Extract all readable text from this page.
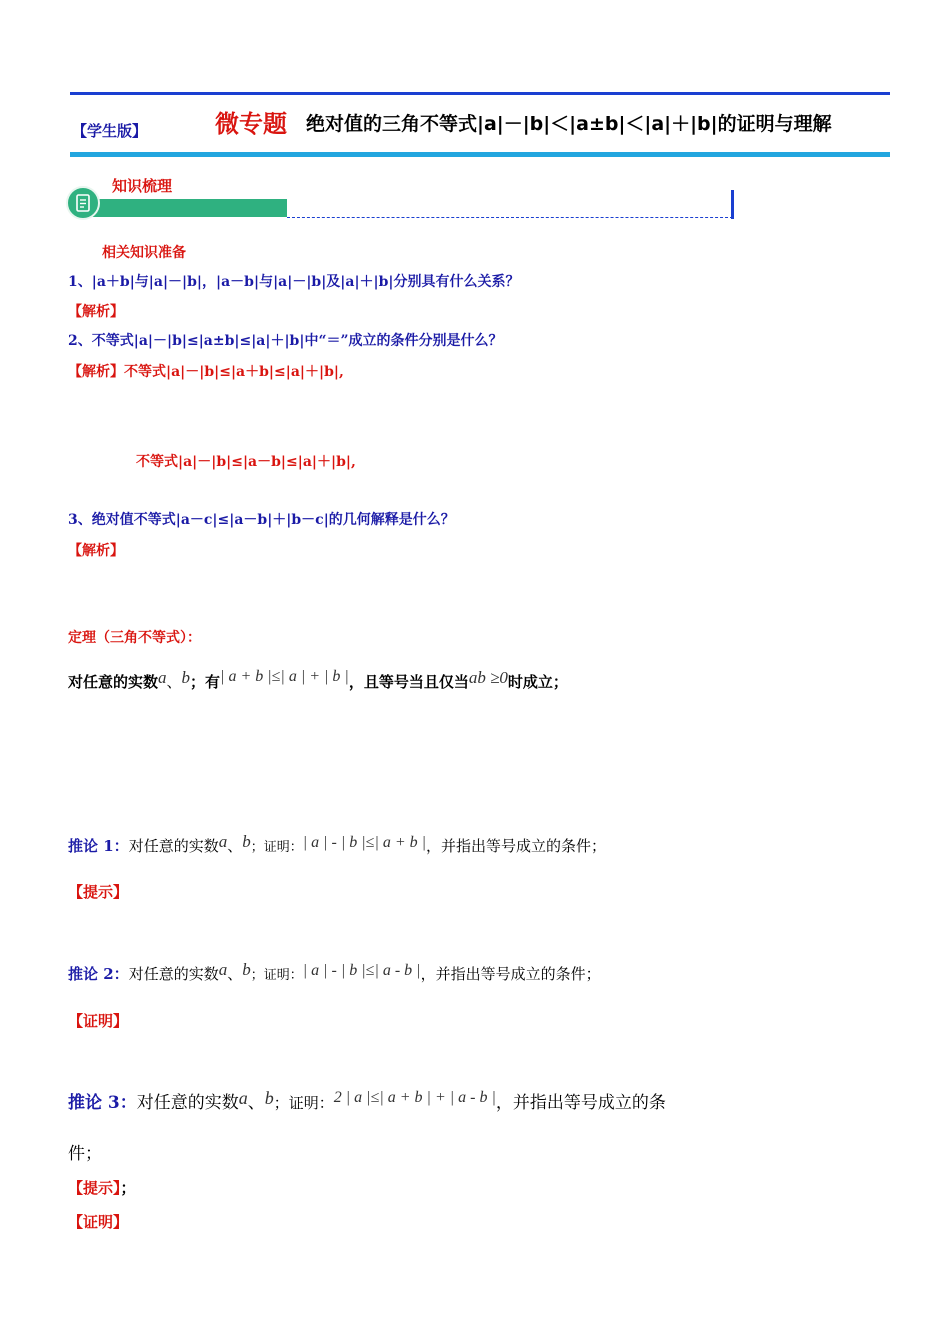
【学生版】	微专题 绝对值的三角不等式|a|－|b|＜|a±b|＜|a|＋|b|的证明与理解
知识梳理
相关知识准备
1、|a＋b|与|a|－|b|，|a－b|与|a|－|b|及|a|＋|b|分别具有什么关系？
【解析】
2、不等式|a|－|b|≤|a±b|≤|a|＋|b|中“＝”成立的条件分别是什么？
【解析】不等式|a|－|b|≤|a＋b|≤|a|＋|b|,
不等式|a|－|b|≤|a－b|≤|a|＋|b|,
3、绝对值不等式|a－c|≤|a－b|＋|b－c|的几何解释是什么？
【解析】
定理（三角不等式）：
对任意的实数a、b；有| a + b |≤| a | + | b |，且等号当且仅当ab ≥0时成立；
推论 1：对任意的实数a、b；证明：| a | - | b |≤| a + b |，并指出等号成立的条件；
【提示】
推论 2：对任意的实数a、b；证明：| a | - | b |≤| a - b |，并指出等号成立的条件；
【证明】
推论 3：对任意的实数a、b；证明：2 | a |≤| a + b | + | a - b |，并指出等号成立的条
件；
【提示】；
【证明】
